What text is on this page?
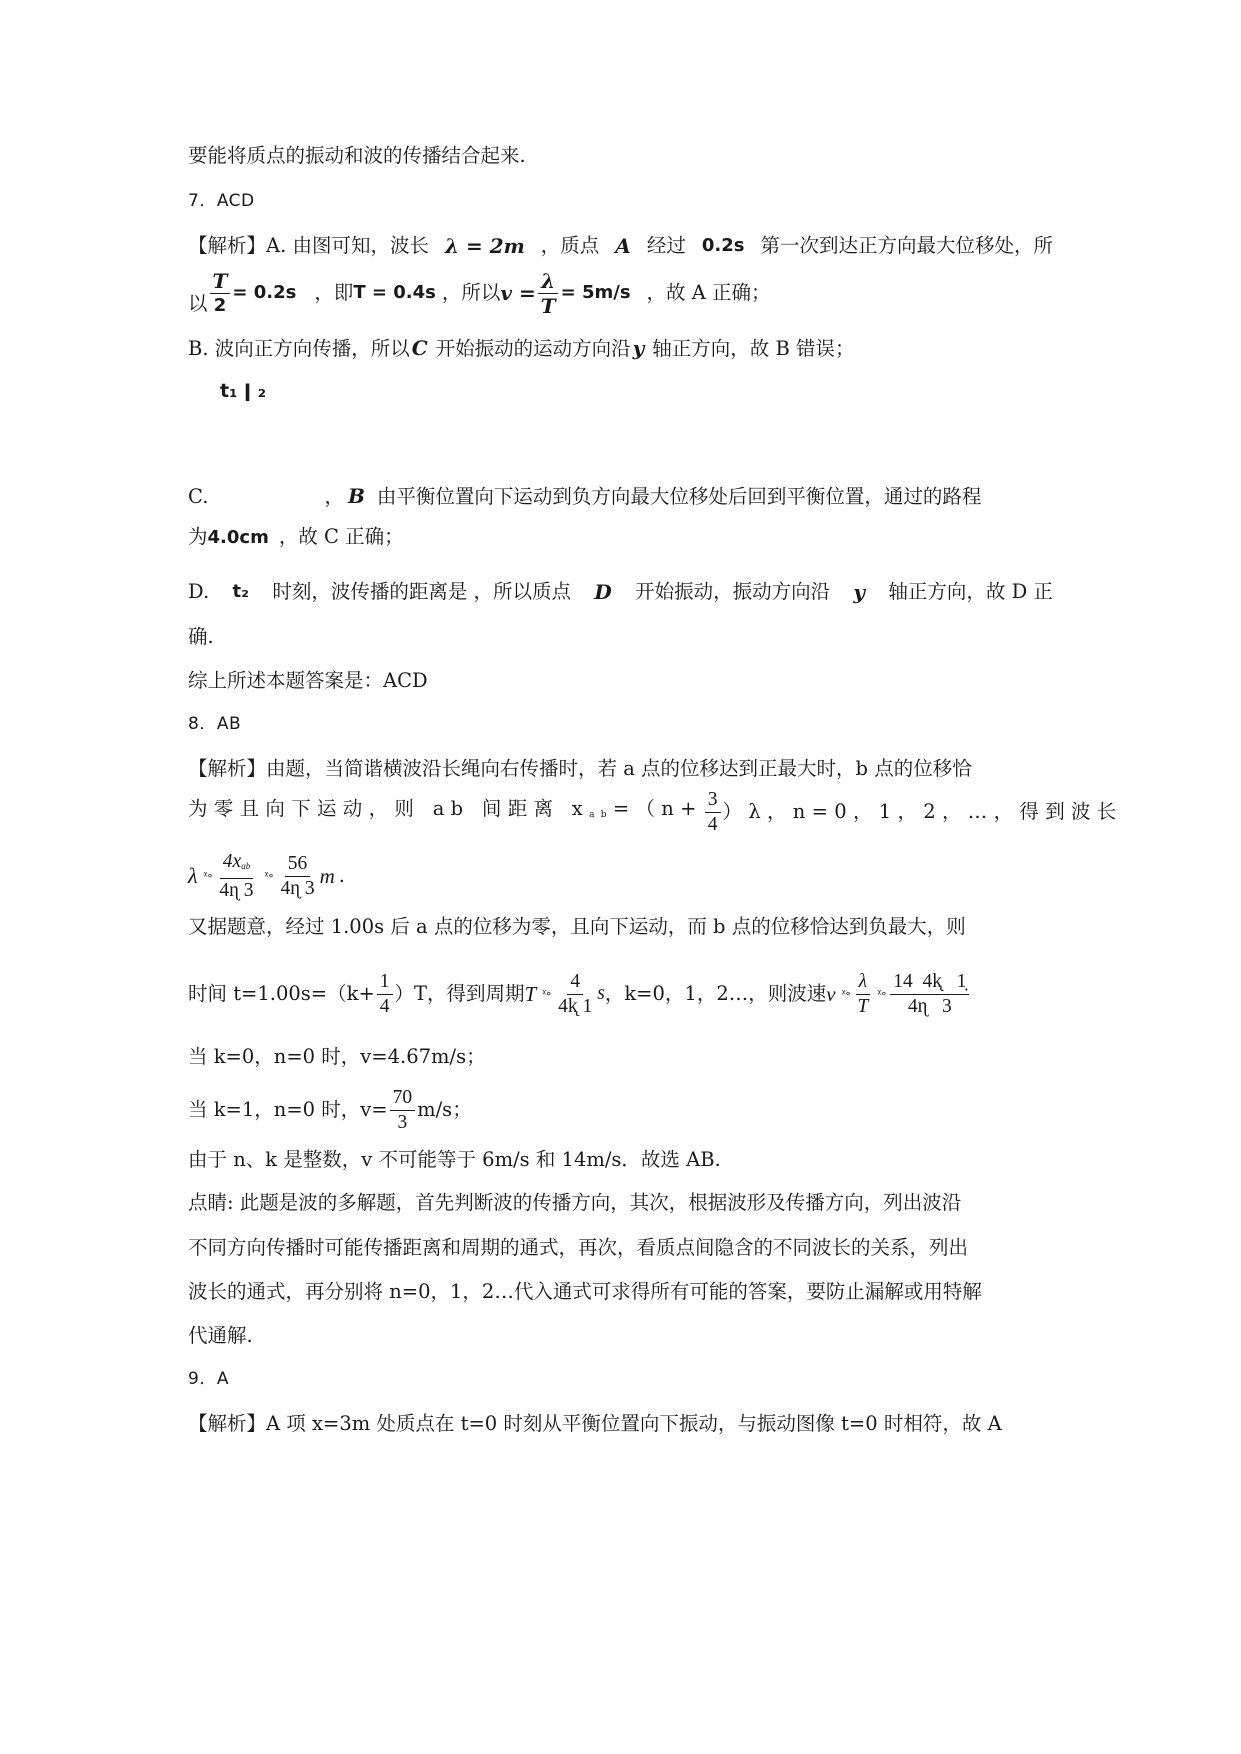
要能将质点的振动和波的传播结合起来.
7．ACD
【解析】A. 由图可知，波长 λ = 2m ，质点 A 经过 0.2s 第一次到达正方向最大位移处，所
以 $\frac{T}{2} = 0.2s$ ，即 T = 0.4s ，所以 $v = \frac{\lambda}{T} = 5m/s$ ，故 A 正确；
B. 波向正方向传播，所以 C 开始振动的运动方向沿 y 轴正方向，故 B 错误；
t₁ ǀ ₂
C.	， B 由平衡位置向下运动到负方向最大位移处后回到平衡位置，通过的路程
为4.0cm ，故 C 正确；
D. t₂ 时刻，波传播的距离是 ，所以质点 D 开始振动，振动方向沿 y 轴正方向，故 D 正
确.
综上所述本题答案是：ACD
8．AB
【解析】由题，当简谐横波沿长绳向右传播时，若 a 点的位移达到正最大时，b 点的位移恰
为零且向下运动，则 ab 间距离 $xab=(n+ \frac{3}{4} )\lambda$，n=0，1，2，…，得到波长
λ ᵡ∘ $\frac{\text{4xab}}{\text{4ɳ 3}}$ ᵡ∘ $\frac{56}{\text{4ɳ 3}}$ m .
又据题意，经过 1.00s 后 a 点的位移为零，且向下运动，而 b 点的位移恰达到负最大，则
时间 $t=1.00s=(k+ \frac{1}{4} )T$，得到周期 T ᵡ∘ $\frac{4}{4k̨ 1}$ s ，k=0，1，2…，则波速 v ᵡ∘ $\frac{\lambda}{T}$ ᵡ∘ $\frac{14 4k̨ 1̣}{\text{4ɳ   3}}$
当 k=0，n=0 时，v=4.67m/s；
当 k=1，n=0 时，$v= \frac{70}{3} m/s$；
由于 n、k 是整数，v 不可能等于 6m/s 和 14m/s．故选 AB.
点睛: 此题是波的多解题，首先判断波的传播方向，其次，根据波形及传播方向，列出波沿
不同方向传播时可能传播距离和周期的通式，再次，看质点间隐含的不同波长的关系，列出
波长的通式，再分别将 n=0，1，2…代入通式可求得所有可能的答案，要防止漏解或用特解
代通解.
9．A
【解析】A 项 x=3m 处质点在 t=0 时刻从平衡位置向下振动，与振动图像 t=0 时相符，故 A
